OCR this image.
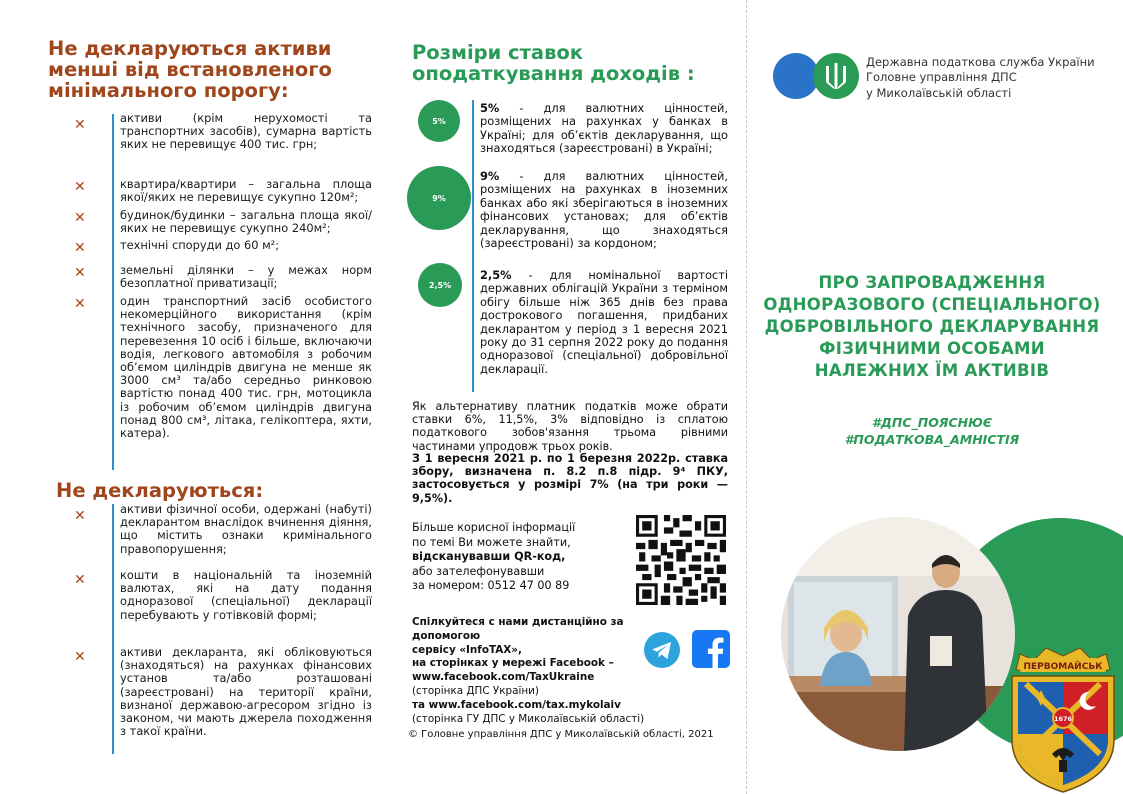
Не декларуються активи
менші від встановленого
мінімального порогу:
✕	активи (крім нерухомості та транспортних засобів), сумарна вартість яких не перевищує 400 тис. грн;
✕	квартира/квартири – загальна площа якої/яких не перевищує сукупно 120м²;
✕	будинок/будинки – загальна площа якої/яких не перевищує сукупно 240м²;
✕	технічні споруди до 60 м²;
✕	земельні ділянки – у межах норм безоплатної приватизації;
✕	один транспортний засіб особистого некомерційного використання (крім технічного засобу, призначеного для перевезення 10 осіб і більше, включаючи водія, легкового автомобіля з робочим об’ємом циліндрів двигуна не менше як 3000 см³ та/або середньо ринковою вартістю понад 400 тис. грн, мотоцикла із робочим об’ємом циліндрів двигуна понад 800 см³, літака, гелікоптера, яхти, катера).
Не декларуються:
✕	активи фізичної особи, одержані (набуті) декларантом внаслідок вчинення діяння, що містить ознаки кримінального правопорушення;
✕	кошти в національній та іноземній валютах, які на дату подання одноразової (спеціальної) декларації перебувають у готівковій формі;
✕	активи декларанта, які обліковуються (знаходяться) на рахунках фінансових установ та/або розташовані (зареєстровані) на території країни, визнаної державою-агресором згідно із законом, чи мають джерела походження з такої країни.
Розміри ставок
оподаткування доходів :
5%
9%
2,5%
5% - для валютних цінностей, розміщених на рахунках у банках в Україні; для об’єктів декларування, що знаходяться (зареєстровані) в Україні;
9% - для валютних цінностей, розміщених на рахунках в іноземних банках або які зберігаються в іноземних фінансових установах; для об’єктів декларування, що знаходяться (зареєстровані) за кордоном;
2,5% - для номінальної вартості державних облігацій України з терміном обігу більше ніж 365 днів без права дострокового погашення, придбаних декларантом у період з 1 вересня 2021 року до 31 серпня 2022 року до подання одноразової (спеціальної) добровільної декларації.
Як альтернативу платник податків може обрати ставки 6%, 11,5%, 3% відповідно із сплатою податкового зобов'язання трьома рівними частинами упродовж трьох років.
З 1 вересня 2021 р. по 1 березня 2022р. ставка збору, визначена п. 8.2 п.8 підр. 9⁴ ПКУ, застосовується у розмірі 7% (на три роки —9,5%).
Більше корисної інформації
по темі Ви можете знайти,
відсканувавши QR-код,
або зателефонувавши
за номером: 0512 47 00 89
Спілкуйтеся с нами дистанційно за допомогою
сервісу «InfoTAX»,
на сторінках у мережі Facebook –
www.facebook.com/TaxUkraine
(сторінка ДПС України)
та www.facebook.com/tax.mykolaiv
(сторінка ГУ ДПС у Миколаївській області)
© Головне управління ДПС у Миколаївській області, 2021
Державна податкова служба України
Головне управління ДПС
у Миколаївській області
ПРО ЗАПРОВАДЖЕННЯ
ОДНОРАЗОВОГО (СПЕЦІАЛЬНОГО)
ДОБРОВІЛЬНОГО ДЕКЛАРУВАННЯ
ФІЗИЧНИМИ ОСОБАМИ
НАЛЕЖНИХ ЇМ АКТИВІВ
#ДПС_ПОЯСНЮЄ
#ПОДАТКОВА_АМНІСТІЯ
ПЕРВОМАЙСЬК
1676
